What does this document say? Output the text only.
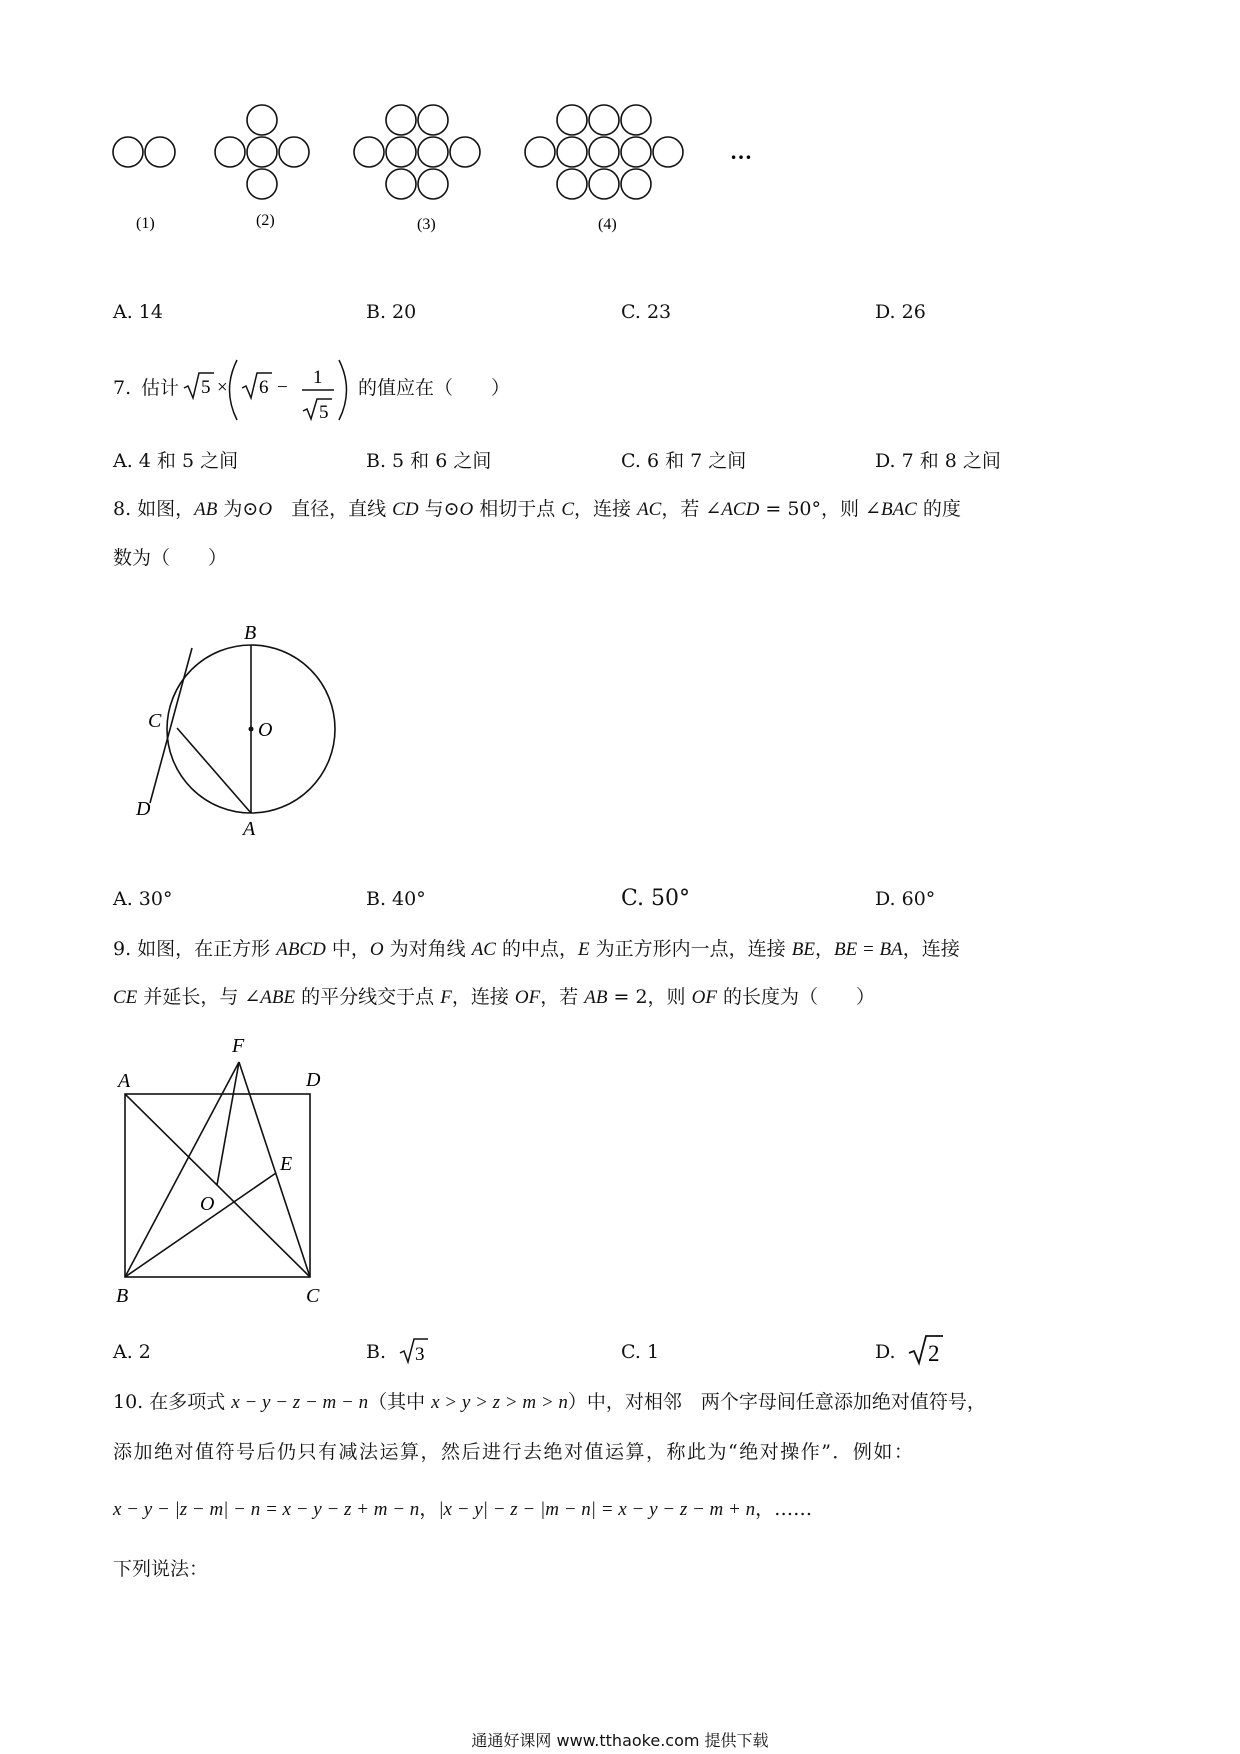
…
(1)	(2)	(3)	(4)
A. 14	B. 20	C. 23	D. 26
7. 估计 5 × 6 − 1
5
的值应在（　　）
A. 4 和 5 之间	B. 5 和 6 之间	C. 6 和 7 之间	D. 7 和 8 之间
8. 如图，AB 为⊙O　直径，直线 CD 与⊙O 相切于点 C，连接 AC，若 ∠ACD = 50°，则 ∠BAC 的度
数为（　　）
B
O
C
D
A
A. 30°	B. 40°	C. 50°	D. 60°
9. 如图，在正方形 ABCD 中，O 为对角线 AC 的中点，E 为正方形内一点，连接 BE，BE = BA，连接
CE 并延长，与 ∠ABE 的平分线交于点 F，连接 OF，若 AB = 2，则 OF 的长度为（　　）
F
A	D
E
O
B	C
A. 2	B. 3	C. 1	D. 2
10. 在多项式 x − y − z − m − n（其中 x > y > z > m > n）中，对相邻　两个字母间任意添加绝对值符号，
添加绝对值符号后仍只有减法运算，然后进行去绝对值运算，称此为“绝对操作”．例如：
x − y − |z − m| − n = x − y − z + m − n，|x − y| − z − |m − n| = x − y − z − m + n，……
下列说法：
通通好课网 www.tthaoke.com 提供下载
